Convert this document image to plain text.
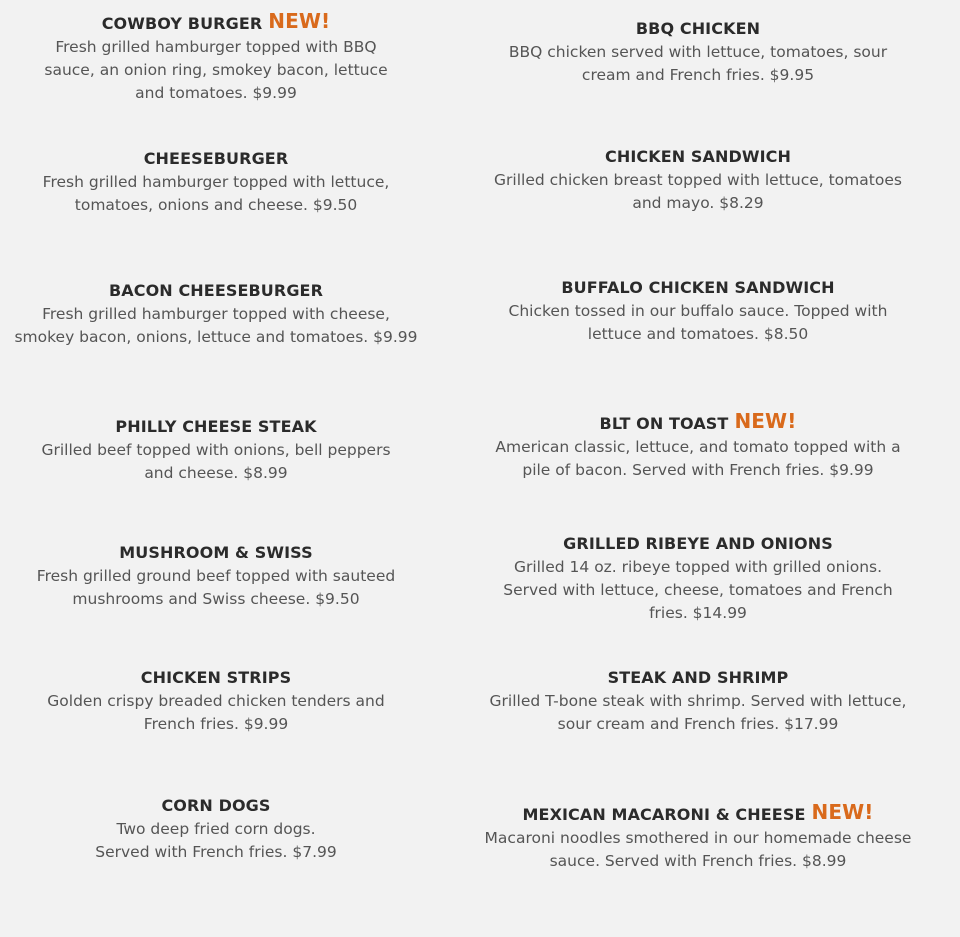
COWBOY BURGER NEW!
Fresh grilled hamburger topped with BBQ
sauce, an onion ring, smokey bacon, lettuce
and tomatoes. $9.99
CHEESEBURGER
Fresh grilled hamburger topped with lettuce,
tomatoes, onions and cheese. $9.50
BACON CHEESEBURGER
Fresh grilled hamburger topped with cheese,
smokey bacon, onions, lettuce and tomatoes. $9.99
PHILLY CHEESE STEAK
Grilled beef topped with onions, bell peppers
and cheese. $8.99
MUSHROOM & SWISS
Fresh grilled ground beef topped with sauteed
mushrooms and Swiss cheese. $9.50
CHICKEN STRIPS
Golden crispy breaded chicken tenders and
French fries. $9.99
CORN DOGS
Two deep fried corn dogs.
Served with French fries. $7.99
BBQ CHICKEN
BBQ chicken served with lettuce, tomatoes, sour
cream and French fries. $9.95
CHICKEN SANDWICH
Grilled chicken breast topped with lettuce, tomatoes
and mayo. $8.29
BUFFALO CHICKEN SANDWICH
Chicken tossed in our buffalo sauce. Topped with
lettuce and tomatoes. $8.50
BLT ON TOAST NEW!
American classic, lettuce, and tomato topped with a
pile of bacon. Served with French fries. $9.99
GRILLED RIBEYE AND ONIONS
Grilled 14 oz. ribeye topped with grilled onions.
Served with lettuce, cheese, tomatoes and French
fries. $14.99
STEAK AND SHRIMP
Grilled T-bone steak with shrimp. Served with lettuce,
sour cream and French fries. $17.99
MEXICAN MACARONI & CHEESE NEW!
Macaroni noodles smothered in our homemade cheese
sauce. Served with French fries. $8.99
